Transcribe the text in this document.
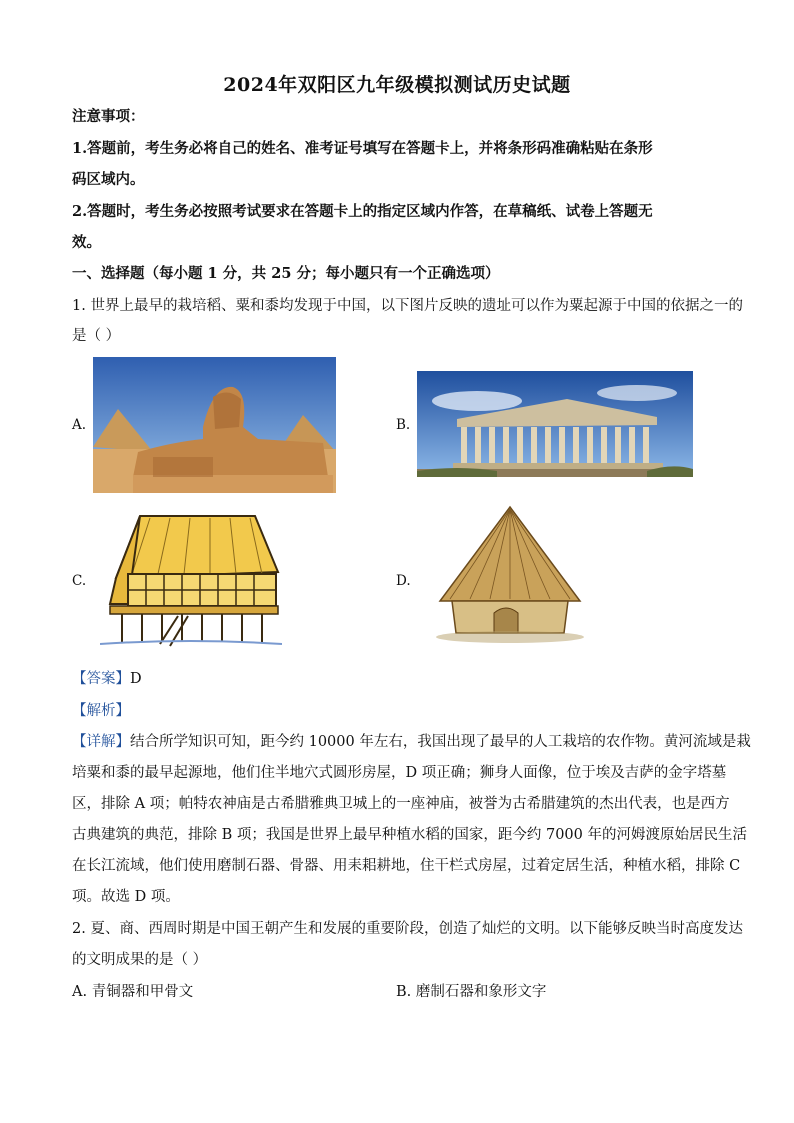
2024年双阳区九年级模拟测试历史试题
注意事项：
1.答题前，考生务必将自己的姓名、准考证号填写在答题卡上，并将条形码准确粘贴在条形
码区域内。
2.答题时，考生务必按照考试要求在答题卡上的指定区域内作答，在草稿纸、试卷上答题无
效。
一、选择题（每小题 1 分，共 25 分；每小题只有一个正确选项）
1. 世界上最早的栽培稻、粟和黍均发现于中国，以下图片反映的遗址可以作为粟起源于中国的依据之一的
是（ ）
A.	B.
C.	D.
【答案】D
【解析】
【详解】结合所学知识可知，距今约 10000 年左右，我国出现了最早的人工栽培的农作物。黄河流域是栽
培粟和黍的最早起源地，他们住半地穴式圆形房屋，D 项正确；狮身人面像，位于埃及吉萨的金字塔墓
区，排除 A 项；帕特农神庙是古希腊雅典卫城上的一座神庙，被誉为古希腊建筑的杰出代表，也是西方
古典建筑的典范，排除 B 项；我国是世界上最早种植水稻的国家，距今约 7000 年的河姆渡原始居民生活
在长江流域，他们使用磨制石器、骨器、用耒耜耕地，住干栏式房屋，过着定居生活，种植水稻，排除 C
项。故选 D 项。
2. 夏、商、西周时期是中国王朝产生和发展的重要阶段，创造了灿烂的文明。以下能够反映当时高度发达
的文明成果的是（ ）
A. 青铜器和甲骨文	B. 磨制石器和象形文字
